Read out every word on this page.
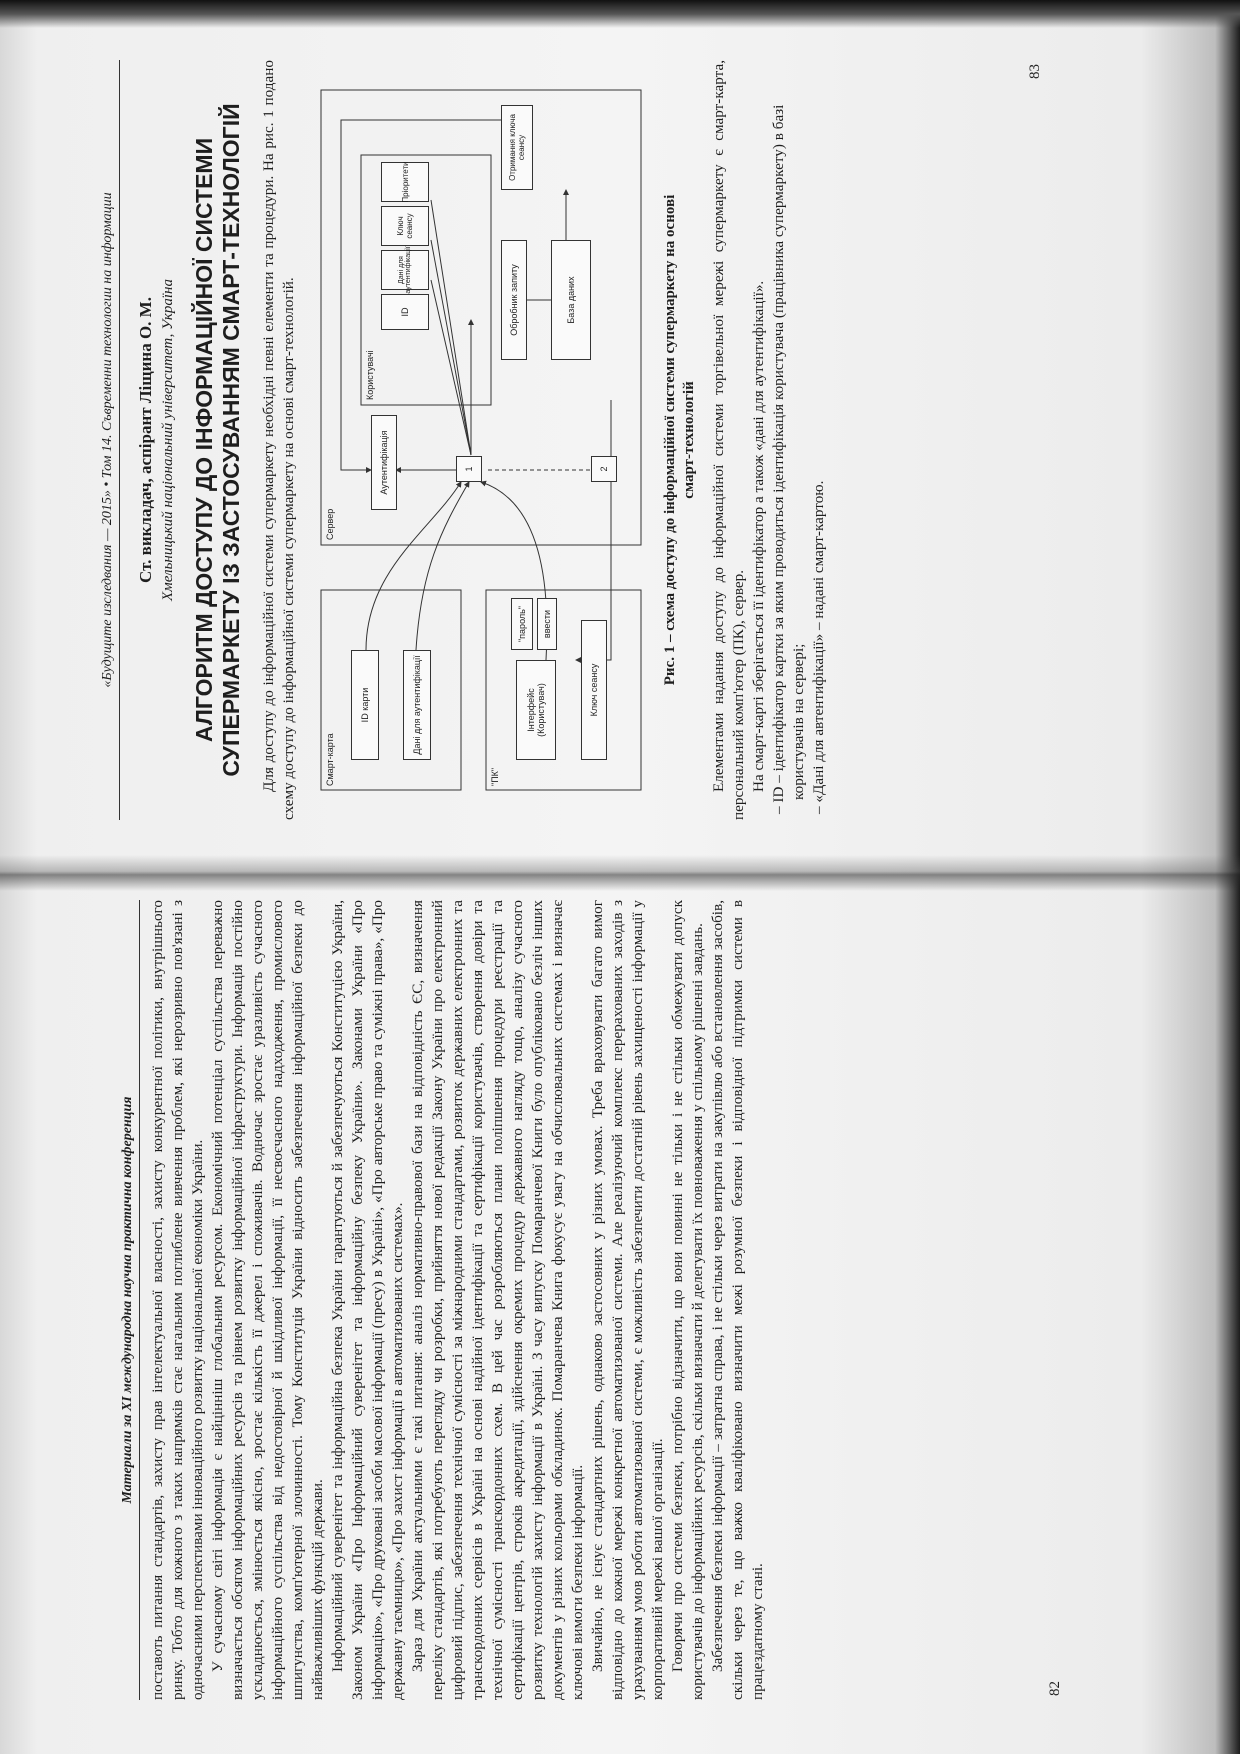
«Будущите изследвания — 2015» • Том 14. Съвременни технологии на информации Ст. викладач, аспірант Ліщина О. М. Хмельницький національний університет, Україна АЛГОРИТМ ДОСТУПУ ДО ІНФОРМАЦІЙНОЇ СИСТЕМИ СУПЕРМАРКЕТУ ІЗ ЗАСТОСУВАННЯМ СМАРТ-ТЕХНОЛОГІЙ Для доступу до інформаційної системи супермаркету необхідні певні елементи та процедури. На рис. 1 подано схему доступу до інформаційної системи супермаркету на основі смарт-технологій.	Смарт-карта
ID карти	Дані для аутентифікації
"ПК"
Інтерфейс (Користувач)
"пароль"	ввести
Ключ сеансу
Сервер
1	2
Аутентифікація
Користувачі
ID
Дані для аутентифікації
Ключ сеансу
Пріоритети
Обробник запиту
Отримання ключа сеансу
База даних	Рис. 1 – схема доступу до інформаційної системи супермаркету на основі смарт-технологій Елементами надання доступу до інформаційної системи торгівельної мережі супермаркету є смарт-карта, персональний комп'ютер (ПК), сервер. На смарт-карті зберігається її ідентифікатор а також «дані для аутентифікації». – ID – ідентифікатор картки за яким проводиться ідентифікація користувача (працівника супермаркету) в базі користувачів на сервері; – «Дані для автентифікації» – надані смарт-картою.
83
Материали за XI международна научна практична конференция поставоть питання стандартів, захисту прав інтелектуальної власності, захисту конкурентної політики, внутрішнього ринку. Тобто для кожного з таких напрямків стає нагальним поглиблене вивчення проблем, які нерозривно пов'язані з одночасними перспективами інноваційного розвитку національної економіки України. У сучасному світі інформація є найцінніш глобальним ресурсом. Економічний потенціал суспільства переважно визначається обсягом інформаційних ресурсів та рівнем розвитку інформаційної інфраструктури. Інформація постійно ускладнюється, змінюється якісно, зростає кількість її джерел і споживачів. Водночас зростає уразливість сучасного інформаційного суспільства від недостовірної й шкідливої інформації, її несвоєчасного надходження, промислового шпигунства, комп'ютерної злочинності. Тому Конституція України відносить забезпечення інформаційної безпеки до найважливіших функцій держави. Інформаційний суверенітет та інформаційна безпека України гарантуються й забезпечуються Конституцією України, Законом України «Про Інформаційний суверенітет та інформаційну безпеку України». Законами України «Про інформацію», «Про друковані засоби масової інформації (пресу) в Україні», «Про авторське право та суміжні права», «Про державну таємницю», «Про захист інформації в автоматизованих системах». Зараз для України актуальними є такі питання: аналіз нормативно-правової бази на відповідність ЄС, визначення переліку стандартів, які потребують перегляду чи розробки, прийняття нової редакції Закону України про електронний цифровий підпис, забезпечення технічної сумісності за міжнародними стандартами, розвиток державних електронних та транскордонних сервісів в Україні на основі надійної ідентифікації та сертифікації користувачів, створення довіри та технічної сумісності транскордонних схем. В цей час розробляються плани поліпшення процедури реєстрації та сертифікації центрів, строків акредитації, здійснення окремих процедур державного нагляду тощо, аналізу сучасного розвитку технологій захисту інформації в Україні. З часу випуску Помаранчевої Книги було опубліковано безліч інших документів у різних кольорами обкладинок. Помаранчева Книга фокусує увагу на обчислювальних системах і визначає ключові вимоги безпеки інформації. Звичайно, не існує стандартних рішень, однаково застосовних у різних умовах. Треба враховувати багато вимог відповідно до кожної мережі конкретної автоматизованої системи. Але реалізуючий комплекс перерахованих заходів з урахуванням умов роботи автоматизованої системи, є можливість забезпечити достатній рівень захищеності інформації у корпоративній мережі вашої організації. Говорячи про системи безпеки, потрібно відзначити, що вони повинні не тільки і не стільки обмежувати допуск користувачів до інформаційних ресурсів, скільки визначати й делегувати їх повноваження у спільному рішенні завдань. Забезпечення безпеки інформації – затратна справа, і не стільки через витрати на закупівлю або встановлення засобів, скільки через те, що важко кваліфіковано визначити межі розумної безпеки і відповідної підтримки системи в працездатному стані.	82
